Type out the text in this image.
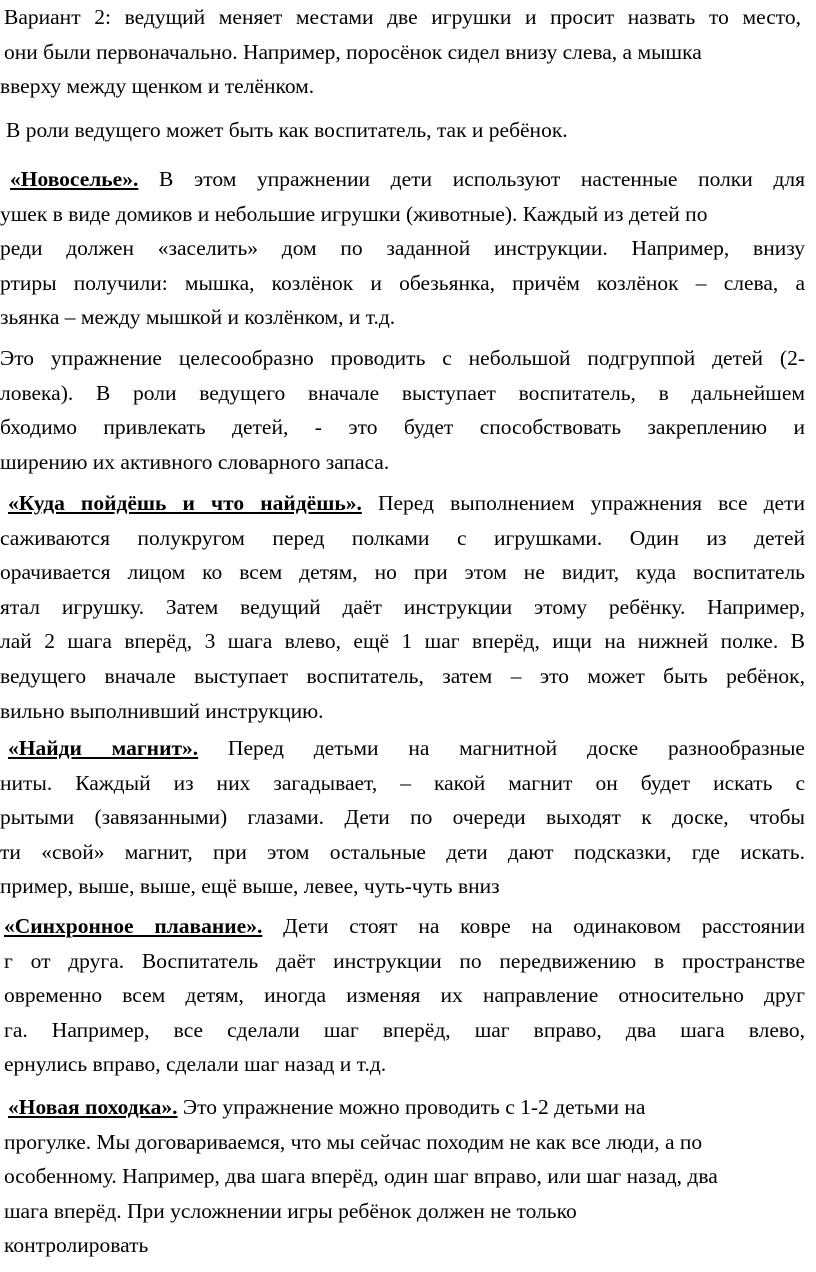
Вариант 2: ведущий меняет местами две игрушки и просит назвать то место,
они были первоначально. Например, поросёнок сидел внизу слева, а мышка
вверху между щенком и телёнком.
В роли ведущего может быть как воспитатель, так и ребёнок.
«Новоселье». В этом упражнении дети используют настенные полки для
ушек в виде домиков и небольшие игрушки (животные). Каждый из детей по
реди должен «заселить» дом по заданной инструкции. Например, внизу
ртиры получили: мышка, козлёнок и обезьянка, причём козлёнок – слева, а
зьянка – между мышкой и козлёнком, и т.д.
Это упражнение целесообразно проводить с небольшой подгруппой детей (2-
ловека). В роли ведущего вначале выступает воспитатель, в дальнейшем
бходимо привлекать детей, - это будет способствовать закреплению и
ширению их активного словарного запаса.
«Куда пойдёшь и что найдёшь». Перед выполнением упражнения все дети
саживаются полукругом перед полками с игрушками. Один из детей
орачивается лицом ко всем детям, но при этом не видит, куда воспитатель
ятал игрушку. Затем ведущий даёт инструкции этому ребёнку. Например,
лай 2 шага вперёд, 3 шага влево, ещё 1 шаг вперёд, ищи на нижней полке. В
ведущего вначале выступает воспитатель, затем – это может быть ребёнок,
вильно выполнивший инструкцию.
«Найди магнит». Перед детьми на магнитной доске разнообразные
ниты. Каждый из них загадывает, – какой магнит он будет искать с
рытыми (завязанными) глазами. Дети по очереди выходят к доске, чтобы
ти «свой» магнит, при этом остальные дети дают подсказки, где искать.
пример, выше, выше, ещё выше, левее, чуть-чуть вниз
«Синхронное плавание». Дети стоят на ковре на одинаковом расстоянии
г от друга. Воспитатель даёт инструкции по передвижению в пространстве
овременно всем детям, иногда изменяя их направление относительно друг
га. Например, все сделали шаг вперёд, шаг вправо, два шага влево,
ернулись вправо, сделали шаг назад и т.д.
«Новая походка». Это упражнение можно проводить с 1-2 детьми на
прогулке. Мы договариваемся, что мы сейчас походим не как все люди, а по
особенному. Например, два шага вперёд, один шаг вправо, или шаг назад, два
шага вперёд. При усложнении игры ребёнок должен не только
контролировать
